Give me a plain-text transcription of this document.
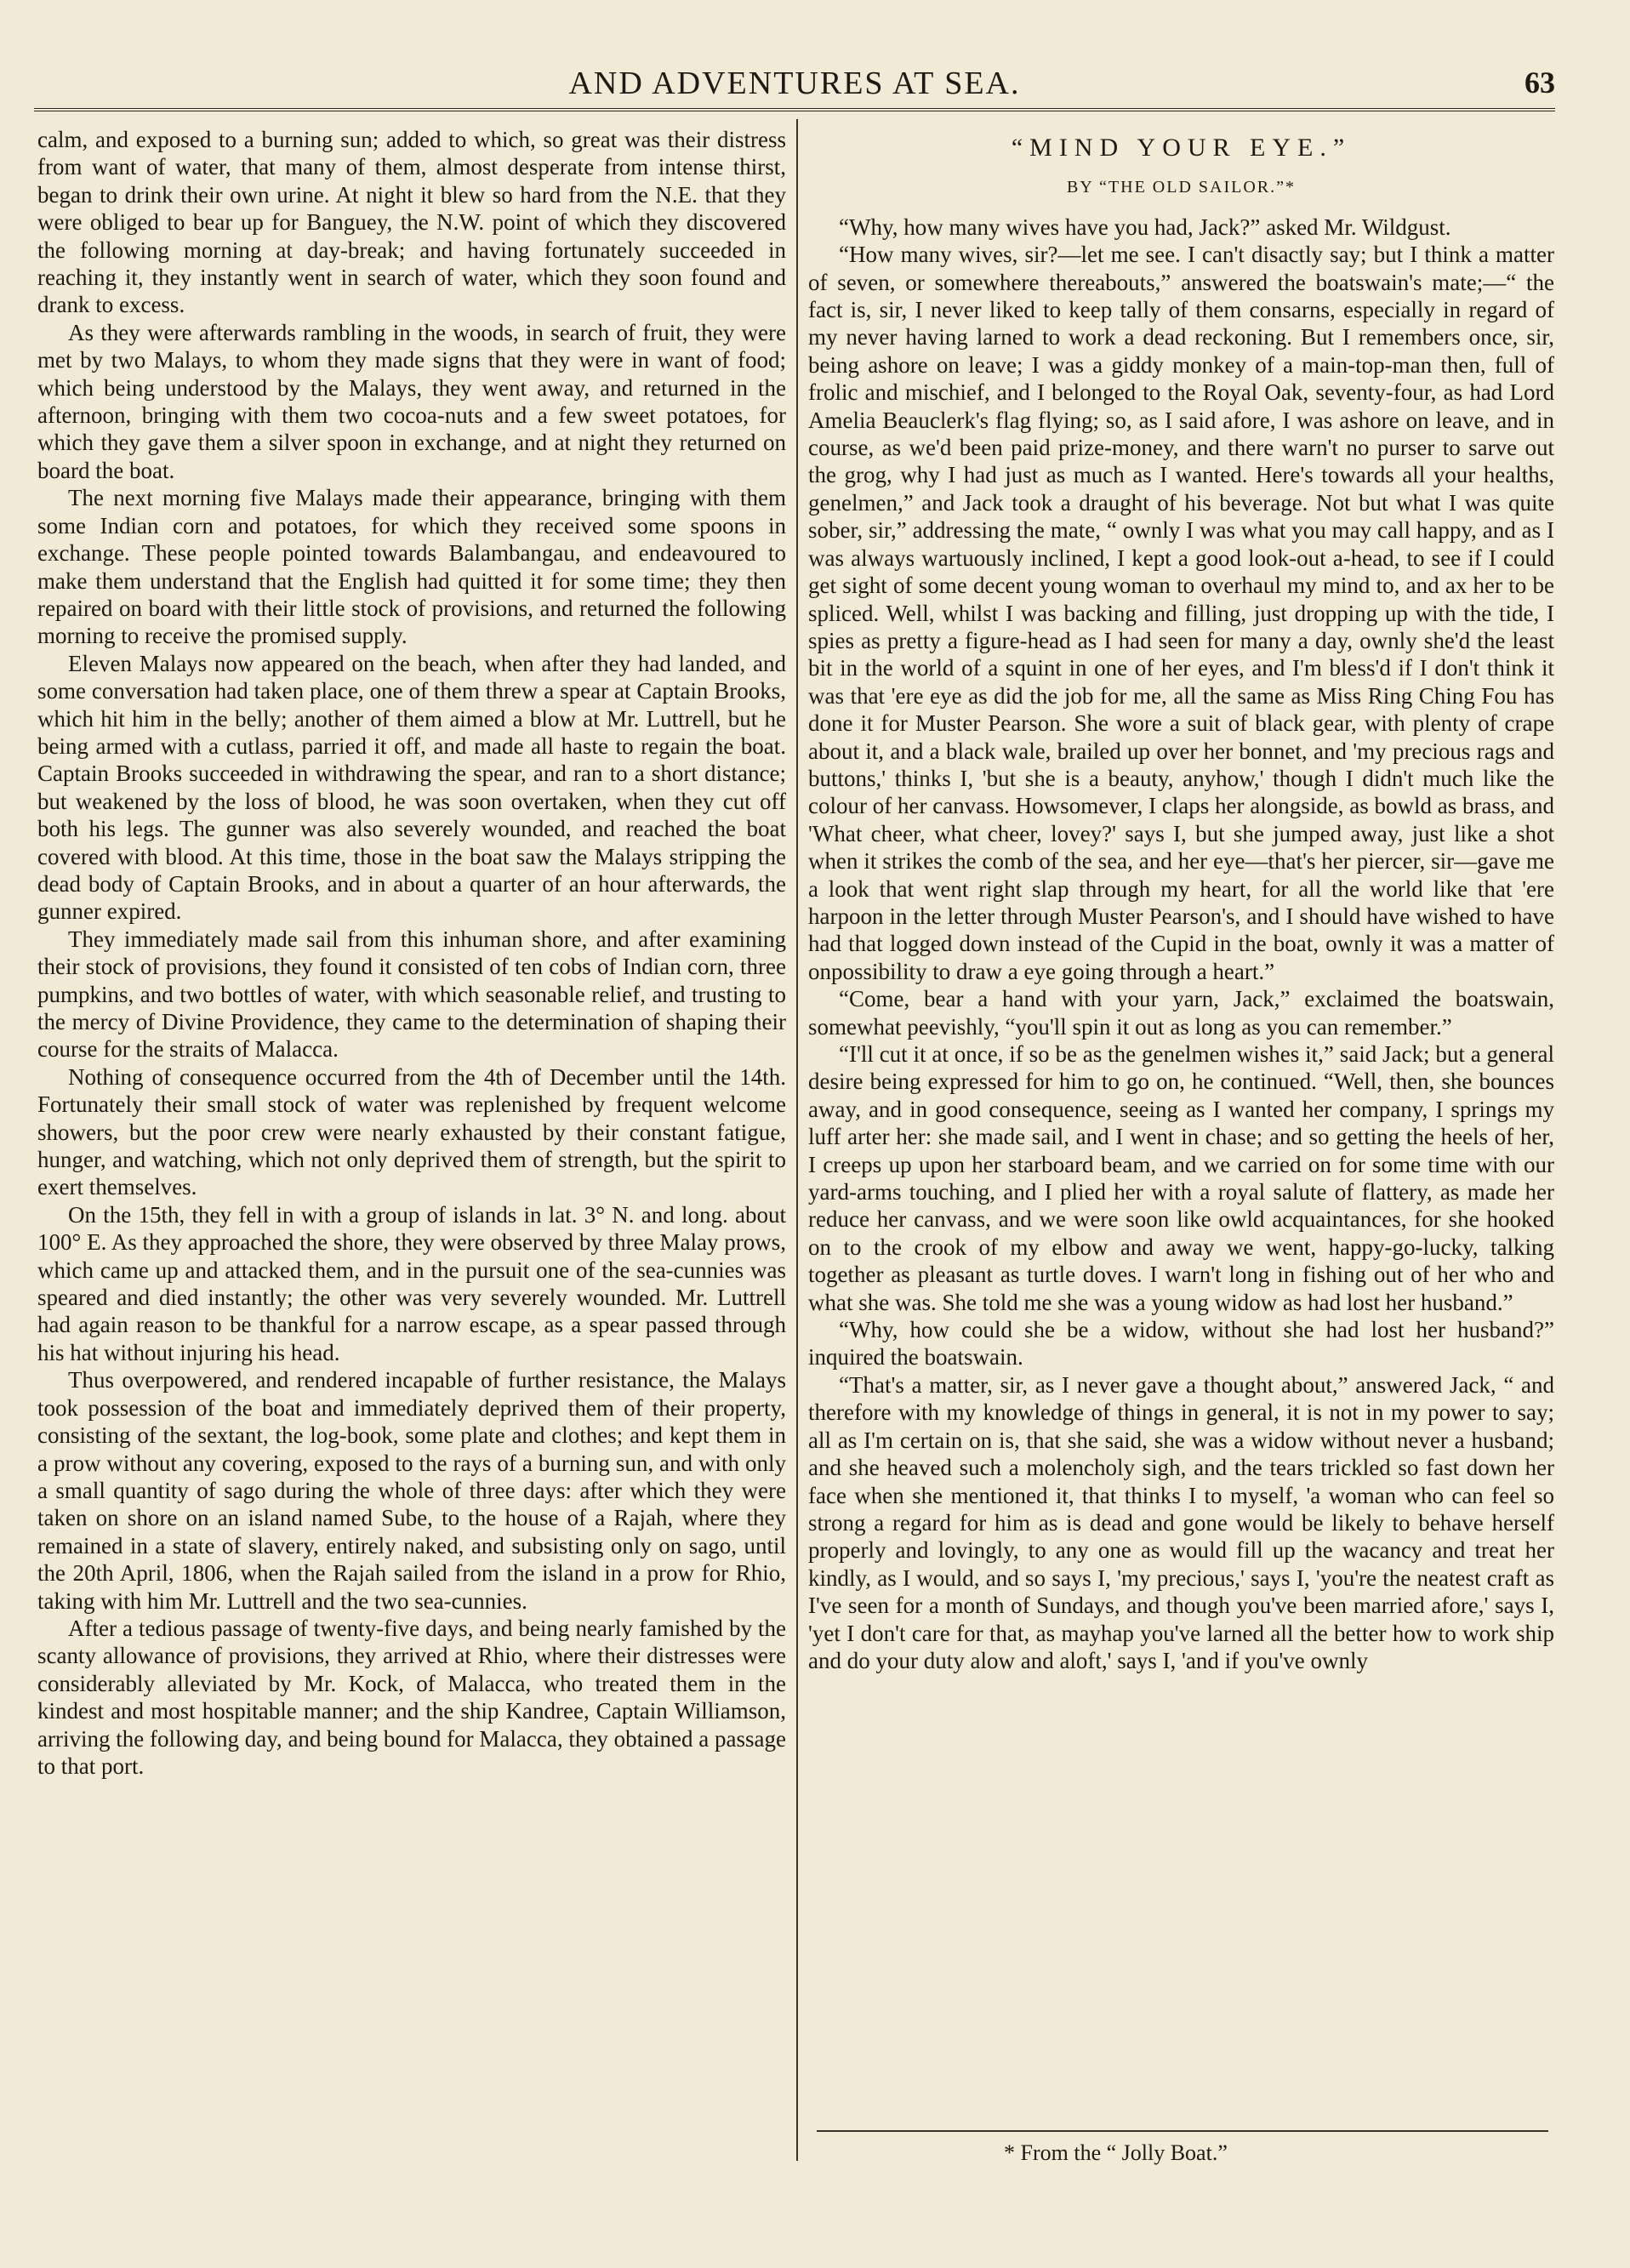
AND ADVENTURES AT SEA.	63

calm, and exposed to a burning sun; added to which, so great was their distress from want of water, that many of them, almost desperate from intense thirst, began to drink their own urine. At night it blew so hard from the N.E. that they were obliged to bear up for Banguey, the N.W. point of which they discovered the following morning at day-break; and having fortunately succeeded in reaching it, they instantly went in search of water, which they soon found and drank to excess.

As they were afterwards rambling in the woods, in search of fruit, they were met by two Malays, to whom they made signs that they were in want of food; which being understood by the Malays, they went away, and returned in the afternoon, bringing with them two cocoa-nuts and a few sweet potatoes, for which they gave them a silver spoon in exchange, and at night they returned on board the boat.

The next morning five Malays made their appearance, bringing with them some Indian corn and potatoes, for which they received some spoons in exchange. These people pointed towards Balambangau, and endeavoured to make them understand that the English had quitted it for some time; they then repaired on board with their little stock of provisions, and returned the following morning to receive the promised supply.

Eleven Malays now appeared on the beach, when after they had landed, and some conversation had taken place, one of them threw a spear at Captain Brooks, which hit him in the belly; another of them aimed a blow at Mr. Luttrell, but he being armed with a cutlass, parried it off, and made all haste to regain the boat. Captain Brooks succeeded in withdrawing the spear, and ran to a short distance; but weakened by the loss of blood, he was soon overtaken, when they cut off both his legs. The gunner was also severely wounded, and reached the boat covered with blood. At this time, those in the boat saw the Malays stripping the dead body of Captain Brooks, and in about a quarter of an hour afterwards, the gunner expired.

They immediately made sail from this inhuman shore, and after examining their stock of provisions, they found it consisted of ten cobs of Indian corn, three pumpkins, and two bottles of water, with which seasonable relief, and trusting to the mercy of Divine Providence, they came to the determination of shaping their course for the straits of Malacca.

Nothing of consequence occurred from the 4th of December until the 14th. Fortunately their small stock of water was replenished by frequent welcome showers, but the poor crew were nearly exhausted by their constant fatigue, hunger, and watching, which not only deprived them of strength, but the spirit to exert themselves.

On the 15th, they fell in with a group of islands in lat. 3° N. and long. about 100° E. As they approached the shore, they were observed by three Malay prows, which came up and attacked them, and in the pursuit one of the sea-cunnies was speared and died instantly; the other was very severely wounded. Mr. Luttrell had again reason to be thankful for a narrow escape, as a spear passed through his hat without injuring his head.

Thus overpowered, and rendered incapable of further resistance, the Malays took possession of the boat and immediately deprived them of their property, consisting of the sextant, the log-book, some plate and clothes; and kept them in a prow without any covering, exposed to the rays of a burning sun, and with only a small quantity of sago during the whole of three days: after which they were taken on shore on an island named Sube, to the house of a Rajah, where they remained in a state of slavery, entirely naked, and subsisting only on sago, until the 20th April, 1806, when the Rajah sailed from the island in a prow for Rhio, taking with him Mr. Luttrell and the two sea-cunnies.

After a tedious passage of twenty-five days, and being nearly famished by the scanty allowance of provisions, they arrived at Rhio, where their distresses were considerably alleviated by Mr. Kock, of Malacca, who treated them in the kindest and most hospitable manner; and the ship Kandree, Captain Williamson, arriving the following day, and being bound for Malacca, they obtained a passage to that port.

“MIND YOUR EYE.”
BY “THE OLD SAILOR.”*

“Why, how many wives have you had, Jack?” asked Mr. Wildgust.

“How many wives, sir?—let me see. I can't disactly say; but I think a matter of seven, or somewhere thereabouts,” answered the boatswain's mate;—“ the fact is, sir, I never liked to keep tally of them consarns, especially in regard of my never having larned to work a dead reckoning. But I remembers once, sir, being ashore on leave; I was a giddy monkey of a main-top-man then, full of frolic and mischief, and I belonged to the Royal Oak, seventy-four, as had Lord Amelia Beauclerk's flag flying; so, as I said afore, I was ashore on leave, and in course, as we'd been paid prize-money, and there warn't no purser to sarve out the grog, why I had just as much as I wanted. Here's towards all your healths, genelmen,” and Jack took a draught of his beverage. Not but what I was quite sober, sir,” addressing the mate, “ ownly I was what you may call happy, and as I was always wartuously inclined, I kept a good look-out a-head, to see if I could get sight of some decent young woman to overhaul my mind to, and ax her to be spliced. Well, whilst I was backing and filling, just dropping up with the tide, I spies as pretty a figure-head as I had seen for many a day, ownly she'd the least bit in the world of a squint in one of her eyes, and I'm bless'd if I don't think it was that 'ere eye as did the job for me, all the same as Miss Ring Ching Fou has done it for Muster Pearson. She wore a suit of black gear, with plenty of crape about it, and a black wale, brailed up over her bonnet, and 'my precious rags and buttons,' thinks I, 'but she is a beauty, anyhow,' though I didn't much like the colour of her canvass. Howsomever, I claps her alongside, as bowld as brass, and 'What cheer, what cheer, lovey?' says I, but she jumped away, just like a shot when it strikes the comb of the sea, and her eye—that's her piercer, sir—gave me a look that went right slap through my heart, for all the world like that 'ere harpoon in the letter through Muster Pearson's, and I should have wished to have had that logged down instead of the Cupid in the boat, ownly it was a matter of onpossibility to draw a eye going through a heart.”

“Come, bear a hand with your yarn, Jack,” exclaimed the boatswain, somewhat peevishly, “you'll spin it out as long as you can remember.”

“I'll cut it at once, if so be as the genelmen wishes it,” said Jack; but a general desire being expressed for him to go on, he continued. “Well, then, she bounces away, and in good consequence, seeing as I wanted her company, I springs my luff arter her: she made sail, and I went in chase; and so getting the heels of her, I creeps up upon her starboard beam, and we carried on for some time with our yard-arms touching, and I plied her with a royal salute of flattery, as made her reduce her canvass, and we were soon like owld acquaintances, for she hooked on to the crook of my elbow and away we went, happy-go-lucky, talking together as pleasant as turtle doves. I warn't long in fishing out of her who and what she was. She told me she was a young widow as had lost her husband.”

“Why, how could she be a widow, without she had lost her husband?” inquired the boatswain.

“That's a matter, sir, as I never gave a thought about,” answered Jack, “ and therefore with my knowledge of things in general, it is not in my power to say; all as I'm certain on is, that she said, she was a widow without never a husband; and she heaved such a molencholy sigh, and the tears trickled so fast down her face when she mentioned it, that thinks I to myself, 'a woman who can feel so strong a regard for him as is dead and gone would be likely to behave herself properly and lovingly, to any one as would fill up the wacancy and treat her kindly, as I would, and so says I, 'my precious,' says I, 'you're the neatest craft as I've seen for a month of Sundays, and though you've been married afore,' says I, 'yet I don't care for that, as mayhap you've larned all the better how to work ship and do your duty alow and aloft,' says I, 'and if you've ownly

* From the “ Jolly Boat.”
